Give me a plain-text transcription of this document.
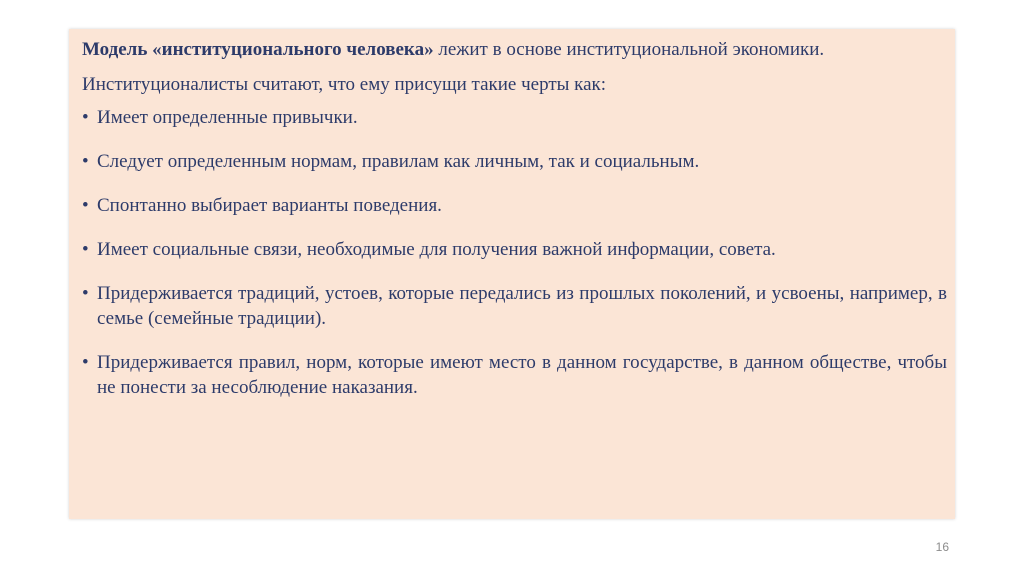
Модель «институционального человека» лежит в основе институциональной экономики.

Институционалисты считают, что ему присущи такие черты как:

• Имеет определенные привычки.
• Следует определенным нормам, правилам как личным, так и социальным.
• Спонтанно выбирает варианты поведения.
• Имеет социальные связи, необходимые для получения важной информации, совета.
• Придерживается традиций, устоев, которые передались из прошлых поколений, и усвоены, например, в семье (семейные традиции).
• Придерживается правил, норм, которые имеют место в данном государстве, в данном обществе, чтобы не понести за несоблюдение наказания.
16
